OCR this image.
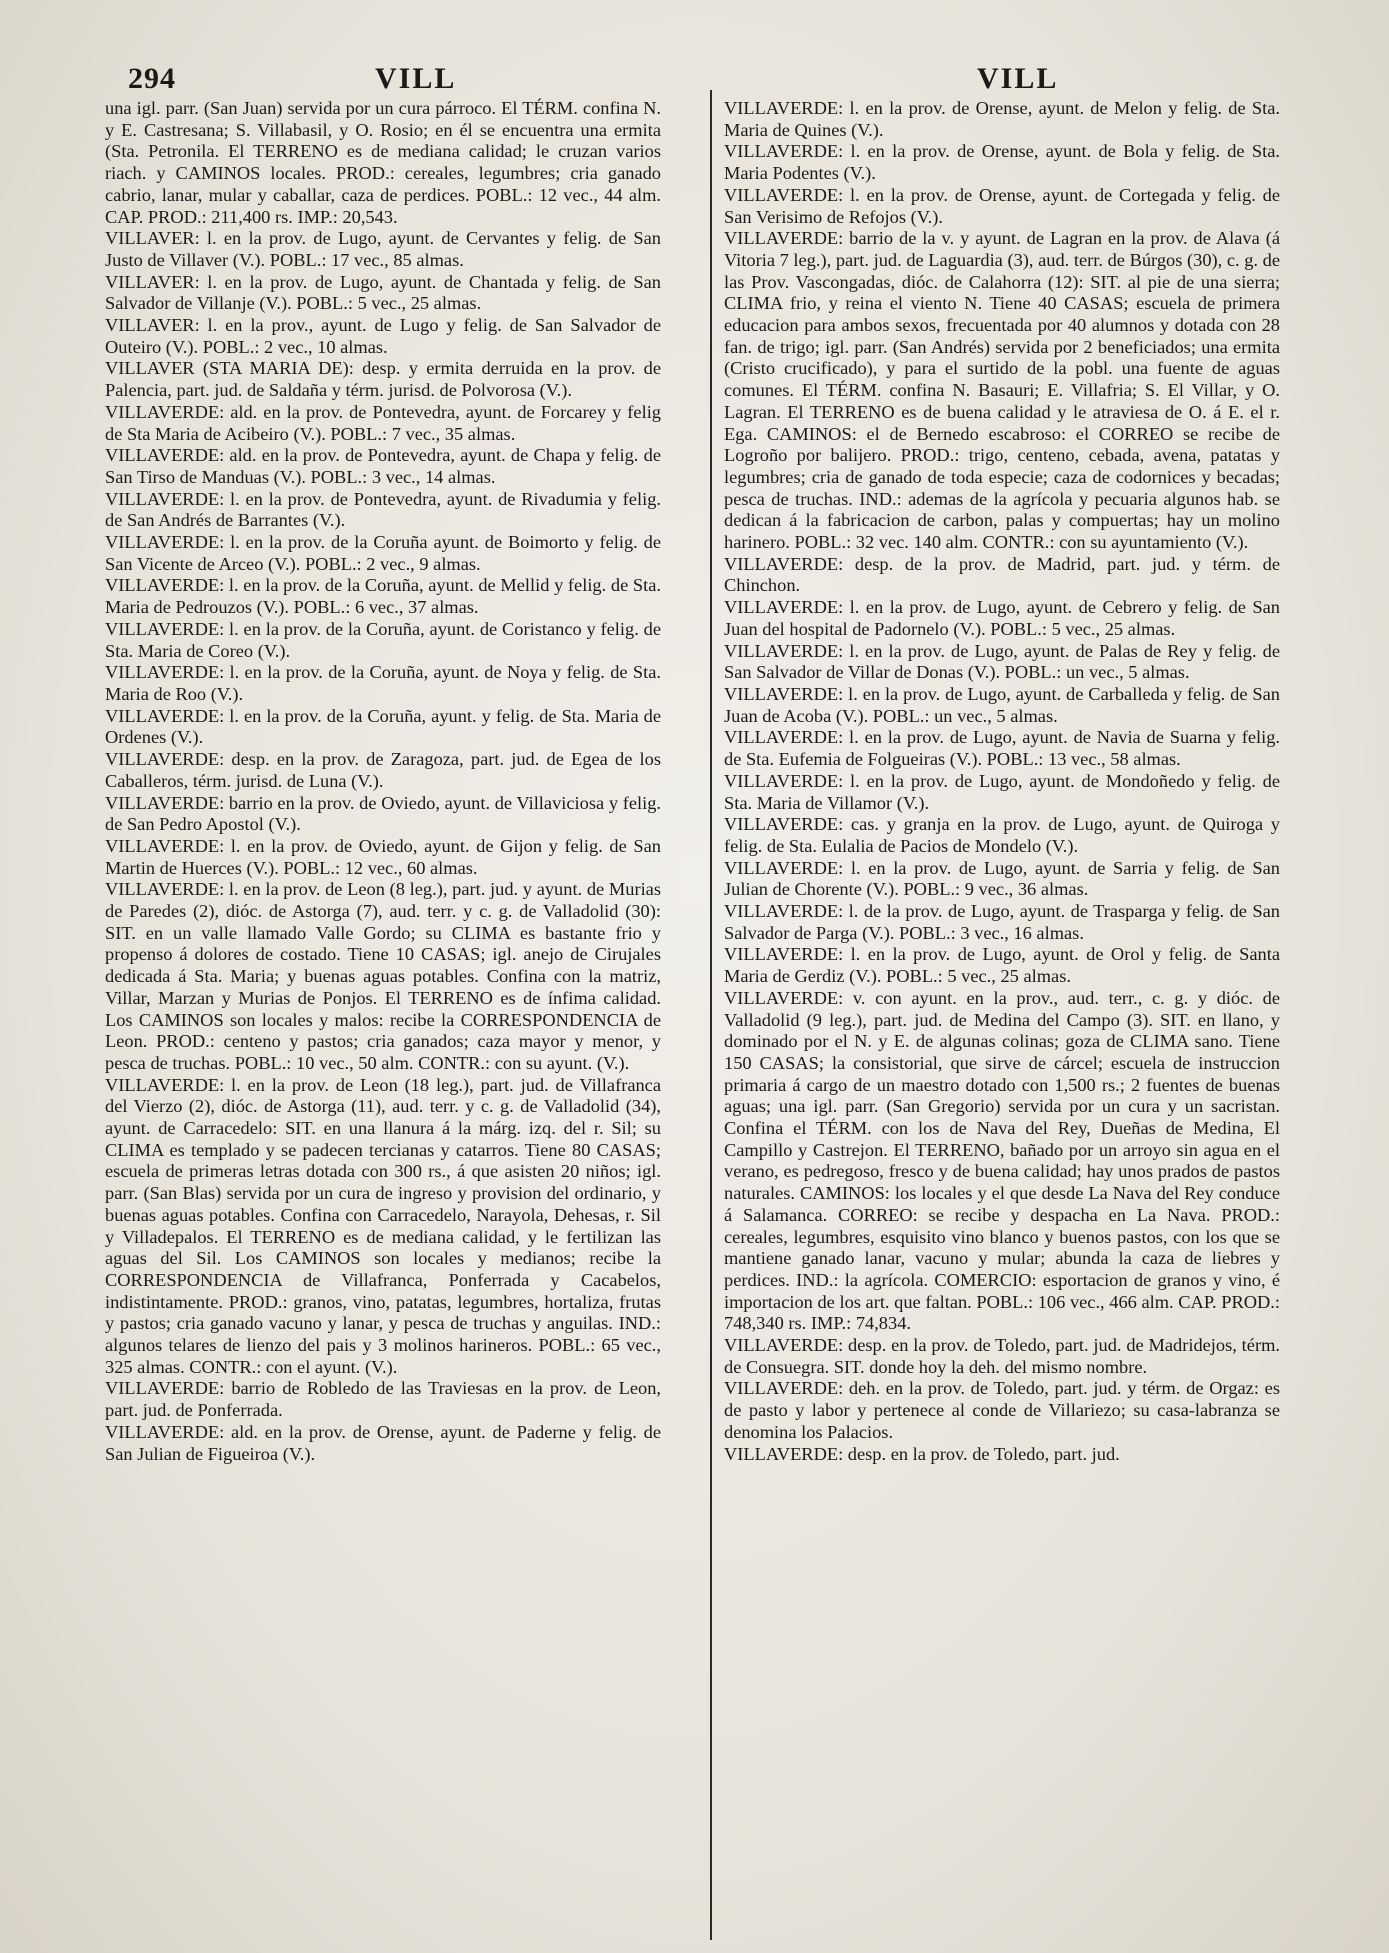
294	VILL	VILL

una igl. parr. (San Juan) servida por un cura párroco. El TÉRM. confina N. y E. Castresana; S. Villabasil, y O. Rosio; en él se encuentra una ermita (Sta. Petronila. El TERRENO es de mediana calidad; le cruzan varios riach. y CAMINOS locales. PROD.: cereales, legumbres; cria ganado cabrio, lanar, mular y caballar, caza de perdices. POBL.: 12 vec., 44 alm. CAP. PROD.: 211,400 rs. IMP.: 20,543.

VILLAVER: l. en la prov. de Lugo, ayunt. de Cervantes y felig. de San Justo de Villaver (V.). POBL.: 17 vec., 85 almas.

VILLAVER: l. en la prov. de Lugo, ayunt. de Chantada y felig. de San Salvador de Villanje (V.). POBL.: 5 vec., 25 almas.

VILLAVER: l. en la prov., ayunt. de Lugo y felig. de San Salvador de Outeiro (V.). POBL.: 2 vec., 10 almas.

VILLAVER (STA MARIA DE): desp. y ermita derruida en la prov. de Palencia, part. jud. de Saldaña y térm. jurisd. de Polvorosa (V.).

VILLAVERDE: ald. en la prov. de Pontevedra, ayunt. de Forcarey y felig de Sta Maria de Acibeiro (V.). POBL.: 7 vec., 35 almas.

VILLAVERDE: ald. en la prov. de Pontevedra, ayunt. de Chapa y felig. de San Tirso de Manduas (V.). POBL.: 3 vec., 14 almas.

VILLAVERDE: l. en la prov. de Pontevedra, ayunt. de Rivadumia y felig. de San Andrés de Barrantes (V.).

VILLAVERDE: l. en la prov. de la Coruña ayunt. de Boimorto y felig. de San Vicente de Arceo (V.). POBL.: 2 vec., 9 almas.

VILLAVERDE: l. en la prov. de la Coruña, ayunt. de Mellid y felig. de Sta. Maria de Pedrouzos (V.). POBL.: 6 vec., 37 almas.

VILLAVERDE: l. en la prov. de la Coruña, ayunt. de Coristanco y felig. de Sta. Maria de Coreo (V.).

VILLAVERDE: l. en la prov. de la Coruña, ayunt. de Noya y felig. de Sta. Maria de Roo (V.).

VILLAVERDE: l. en la prov. de la Coruña, ayunt. y felig. de Sta. Maria de Ordenes (V.).

VILLAVERDE: desp. en la prov. de Zaragoza, part. jud. de Egea de los Caballeros, térm. jurisd. de Luna (V.).

VILLAVERDE: barrio en la prov. de Oviedo, ayunt. de Villaviciosa y felig. de San Pedro Apostol (V.).

VILLAVERDE: l. en la prov. de Oviedo, ayunt. de Gijon y felig. de San Martin de Huerces (V.). POBL.: 12 vec., 60 almas.

VILLAVERDE: l. en la prov. de Leon (8 leg.), part. jud. y ayunt. de Murias de Paredes (2), dióc. de Astorga (7), aud. terr. y c. g. de Valladolid (30): SIT. en un valle llamado Valle Gordo; su CLIMA es bastante frio y propenso á dolores de costado. Tiene 10 CASAS; igl. anejo de Cirujales dedicada á Sta. Maria; y buenas aguas potables. Confina con la matriz, Villar, Marzan y Murias de Ponjos. El TERRENO es de ínfima calidad. Los CAMINOS son locales y malos: recibe la CORRESPONDENCIA de Leon. PROD.: centeno y pastos; cria ganados; caza mayor y menor, y pesca de truchas. POBL.: 10 vec., 50 alm. CONTR.: con su ayunt. (V.).

VILLAVERDE: l. en la prov. de Leon (18 leg.), part. jud. de Villafranca del Vierzo (2), dióc. de Astorga (11), aud. terr. y c. g. de Valladolid (34), ayunt. de Carracedelo: SIT. en una llanura á la márg. izq. del r. Sil; su CLIMA es templado y se padecen tercianas y catarros. Tiene 80 CASAS; escuela de primeras letras dotada con 300 rs., á que asisten 20 niños; igl. parr. (San Blas) servida por un cura de ingreso y provision del ordinario, y buenas aguas potables. Confina con Carracedelo, Narayola, Dehesas, r. Sil y Villadepalos. El TERRENO es de mediana calidad, y le fertilizan las aguas del Sil. Los CAMINOS son locales y medianos; recibe la CORRESPONDENCIA de Villafranca, Ponferrada y Cacabelos, indistintamente. PROD.: granos, vino, patatas, legumbres, hortaliza, frutas y pastos; cria ganado vacuno y lanar, y pesca de truchas y anguilas. IND.: algunos telares de lienzo del pais y 3 molinos harineros. POBL.: 65 vec., 325 almas. CONTR.: con el ayunt. (V.).

VILLAVERDE: barrio de Robledo de las Traviesas en la prov. de Leon, part. jud. de Ponferrada.

VILLAVERDE: ald. en la prov. de Orense, ayunt. de Paderne y felig. de San Julian de Figueiroa (V.).

VILLAVERDE: l. en la prov. de Orense, ayunt. de Melon y felig. de Sta. Maria de Quines (V.).

VILLAVERDE: l. en la prov. de Orense, ayunt. de Bola y felig. de Sta. Maria Podentes (V.).

VILLAVERDE: l. en la prov. de Orense, ayunt. de Cortegada y felig. de San Verisimo de Refojos (V.).

VILLAVERDE: barrio de la v. y ayunt. de Lagran en la prov. de Alava (á Vitoria 7 leg.), part. jud. de Laguardia (3), aud. terr. de Búrgos (30), c. g. de las Prov. Vascongadas, dióc. de Calahorra (12): SIT. al pie de una sierra; CLIMA frio, y reina el viento N. Tiene 40 CASAS; escuela de primera educacion para ambos sexos, frecuentada por 40 alumnos y dotada con 28 fan. de trigo; igl. parr. (San Andrés) servida por 2 beneficiados; una ermita (Cristo crucificado), y para el surtido de la pobl. una fuente de aguas comunes. El TÉRM. confina N. Basauri; E. Villafria; S. El Villar, y O. Lagran. El TERRENO es de buena calidad y le atraviesa de O. á E. el r. Ega. CAMINOS: el de Bernedo escabroso: el CORREO se recibe de Logroño por balijero. PROD.: trigo, centeno, cebada, avena, patatas y legumbres; cria de ganado de toda especie; caza de codornices y becadas; pesca de truchas. IND.: ademas de la agrícola y pecuaria algunos hab. se dedican á la fabricacion de carbon, palas y compuertas; hay un molino harinero. POBL.: 32 vec. 140 alm. CONTR.: con su ayuntamiento (V.).

VILLAVERDE: desp. de la prov. de Madrid, part. jud. y térm. de Chinchon.

VILLAVERDE: l. en la prov. de Lugo, ayunt. de Cebrero y felig. de San Juan del hospital de Padornelo (V.). POBL.: 5 vec., 25 almas.

VILLAVERDE: l. en la prov. de Lugo, ayunt. de Palas de Rey y felig. de San Salvador de Villar de Donas (V.). POBL.: un vec., 5 almas.

VILLAVERDE: l. en la prov. de Lugo, ayunt. de Carballeda y felig. de San Juan de Acoba (V.). POBL.: un vec., 5 almas.

VILLAVERDE: l. en la prov. de Lugo, ayunt. de Navia de Suarna y felig. de Sta. Eufemia de Folgueiras (V.). POBL.: 13 vec., 58 almas.

VILLAVERDE: l. en la prov. de Lugo, ayunt. de Mondoñedo y felig. de Sta. Maria de Villamor (V.).

VILLAVERDE: cas. y granja en la prov. de Lugo, ayunt. de Quiroga y felig. de Sta. Eulalia de Pacios de Mondelo (V.).

VILLAVERDE: l. en la prov. de Lugo, ayunt. de Sarria y felig. de San Julian de Chorente (V.). POBL.: 9 vec., 36 almas.

VILLAVERDE: l. de la prov. de Lugo, ayunt. de Trasparga y felig. de San Salvador de Parga (V.). POBL.: 3 vec., 16 almas.

VILLAVERDE: l. en la prov. de Lugo, ayunt. de Orol y felig. de Santa Maria de Gerdiz (V.). POBL.: 5 vec., 25 almas.

VILLAVERDE: v. con ayunt. en la prov., aud. terr., c. g. y dióc. de Valladolid (9 leg.), part. jud. de Medina del Campo (3). SIT. en llano, y dominado por el N. y E. de algunas colinas; goza de CLIMA sano. Tiene 150 CASAS; la consistorial, que sirve de cárcel; escuela de instruccion primaria á cargo de un maestro dotado con 1,500 rs.; 2 fuentes de buenas aguas; una igl. parr. (San Gregorio) servida por un cura y un sacristan. Confina el TÉRM. con los de Nava del Rey, Dueñas de Medina, El Campillo y Castrejon. El TERRENO, bañado por un arroyo sin agua en el verano, es pedregoso, fresco y de buena calidad; hay unos prados de pastos naturales. CAMINOS: los locales y el que desde La Nava del Rey conduce á Salamanca. CORREO: se recibe y despacha en La Nava. PROD.: cereales, legumbres, esquisito vino blanco y buenos pastos, con los que se mantiene ganado lanar, vacuno y mular; abunda la caza de liebres y perdices. IND.: la agrícola. COMERCIO: esportacion de granos y vino, é importacion de los art. que faltan. POBL.: 106 vec., 466 alm. CAP. PROD.: 748,340 rs. IMP.: 74,834.

VILLAVERDE: desp. en la prov. de Toledo, part. jud. de Madridejos, térm. de Consuegra. SIT. donde hoy la deh. del mismo nombre.

VILLAVERDE: deh. en la prov. de Toledo, part. jud. y térm. de Orgaz: es de pasto y labor y pertenece al conde de Villariezo; su casa-labranza se denomina los Palacios.

VILLAVERDE: desp. en la prov. de Toledo, part. jud.
